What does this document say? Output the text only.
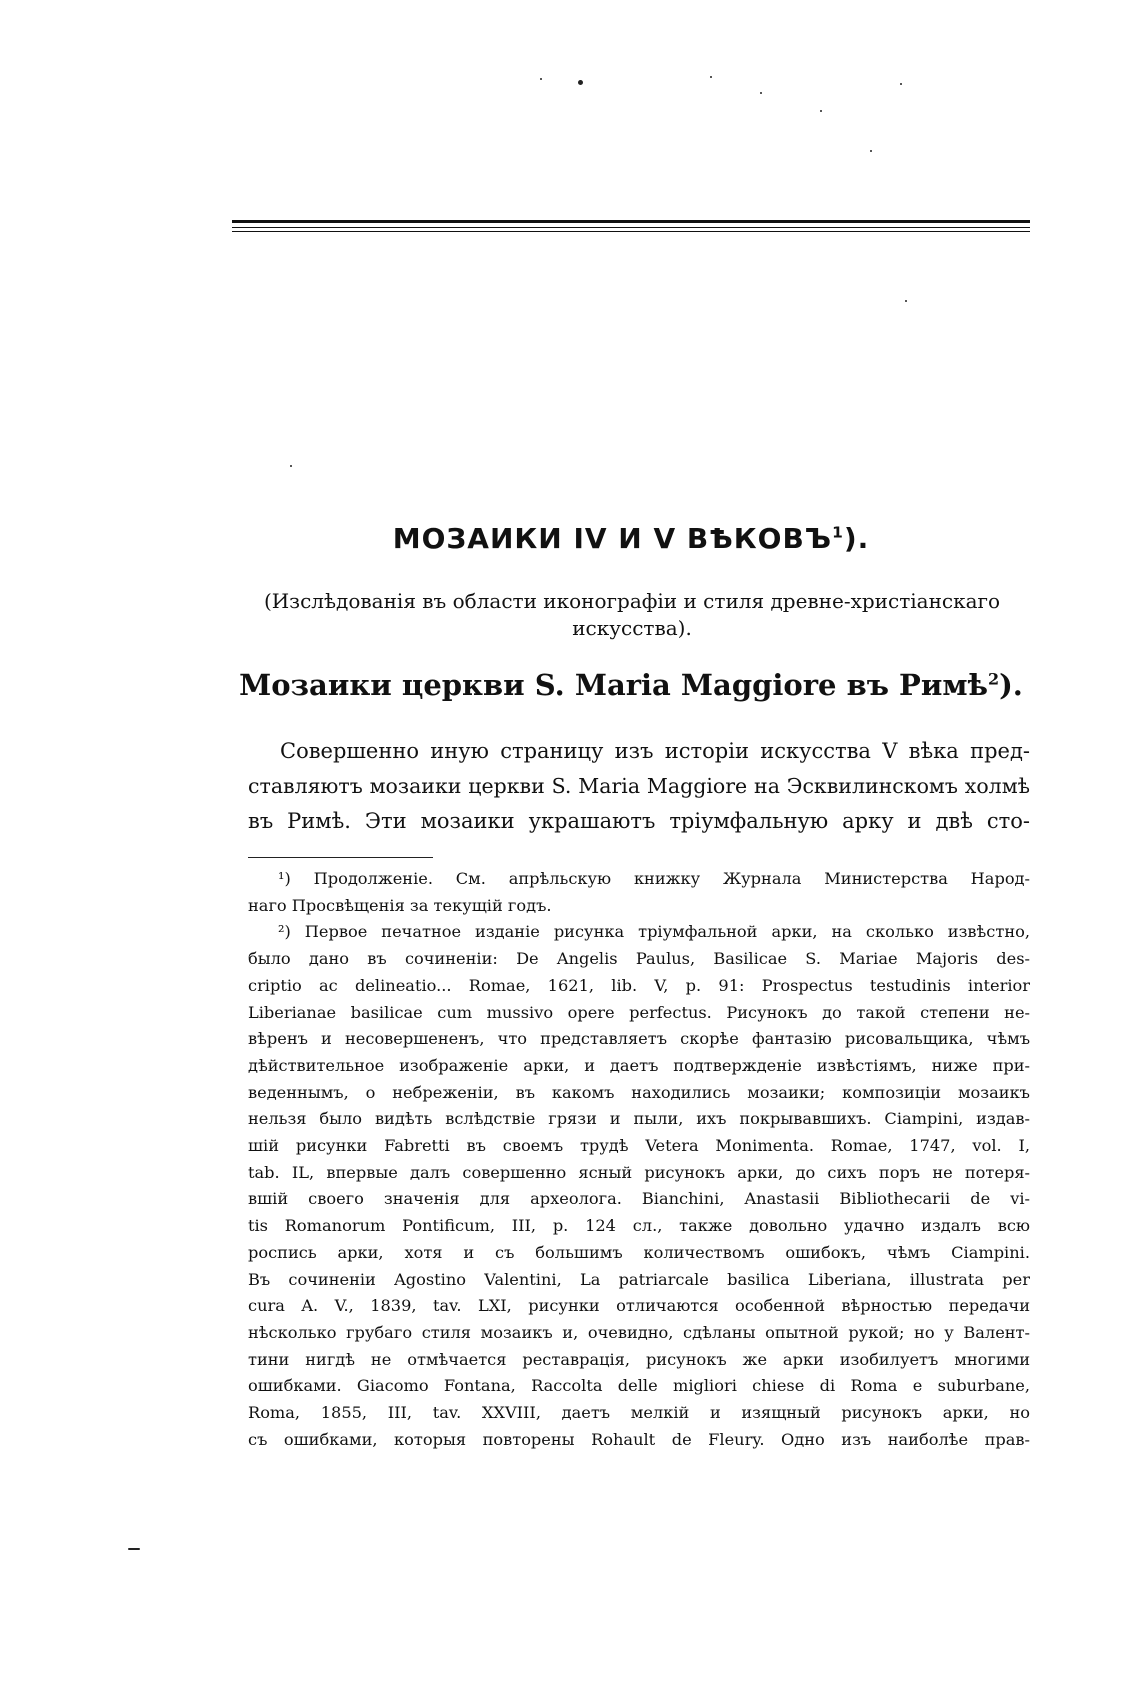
МОЗАИКИ IV И V ВѢКОВЪ$^1$).
(Изслѣдованія въ области иконографіи и стиля древне-христіанскаго
искусства).
Мозаики церкви S. Maria Maggiore въ Римѣ$^2$).
Совершенно иную страницу изъ исторіи искусства V вѣка пред-
ставляютъ мозаики церкви S. Maria Maggiore на Эсквилинскомъ холмѣ
въ Римѣ. Эти мозаики украшаютъ тріумфальную арку и двѣ сто-
¹) Продолженіе. См. апрѣльскую книжку Журнала Министерства Народ-
наго Просвѣщенія за текущій годъ.
²) Первое печатное изданіе рисунка тріумфальной арки, на сколько извѣстно,
было дано въ сочиненіи: De Angelis Paulus, Basilicae S. Mariae Majoris des-
criptio ac delineatio... Romae, 1621, lib. V, p. 91: Prospectus testudinis interior
Liberianae basilicae cum mussivo opere perfectus. Рисунокъ до такой степени не-
вѣренъ и несовершененъ, что представляетъ скорѣе фантазію рисовальщика, чѣмъ
дѣйствительное изображеніе арки, и даетъ подтвержденіе извѣстіямъ, ниже при-
веденнымъ, о небреженіи, въ какомъ находились мозаики; композиціи мозаикъ
нельзя было видѣть вслѣдствіе грязи и пыли, ихъ покрывавшихъ. Ciampini, издав-
шій рисунки Fabretti въ своемъ трудѣ Vetera Monimenta. Romae, 1747, vol. I,
tab. IL, впервые далъ совершенно ясный рисунокъ арки, до сихъ поръ не потеря-
вшій своего значенія для археолога. Bianchini, Anastasii Bibliothecarii de vi-
tis Romanorum Pontificum, III, p. 124 сл., также довольно удачно издалъ всю
роспись арки, хотя и съ большимъ количествомъ ошибокъ, чѣмъ Ciampini.
Въ сочиненіи Agostino Valentini, La patriarcale basilica Liberiana, illustrata per
cura A. V., 1839, tav. LXI, рисунки отличаются особенной вѣрностью передачи
нѣсколько грубаго стиля мозаикъ и, очевидно, сдѣланы опытной рукой; но у Валент-
тини нигдѣ не отмѣчается реставрація, рисунокъ же арки изобилуетъ многими
ошибками. Giacomo Fontana, Raccolta delle migliori chiese di Roma e suburbane,
Roma, 1855, III, tav. XXVIII, даетъ мелкій и изящный рисунокъ арки, но
съ ошибками, которыя повторены Rohault de Fleury. Одно изъ наиболѣе прав-
